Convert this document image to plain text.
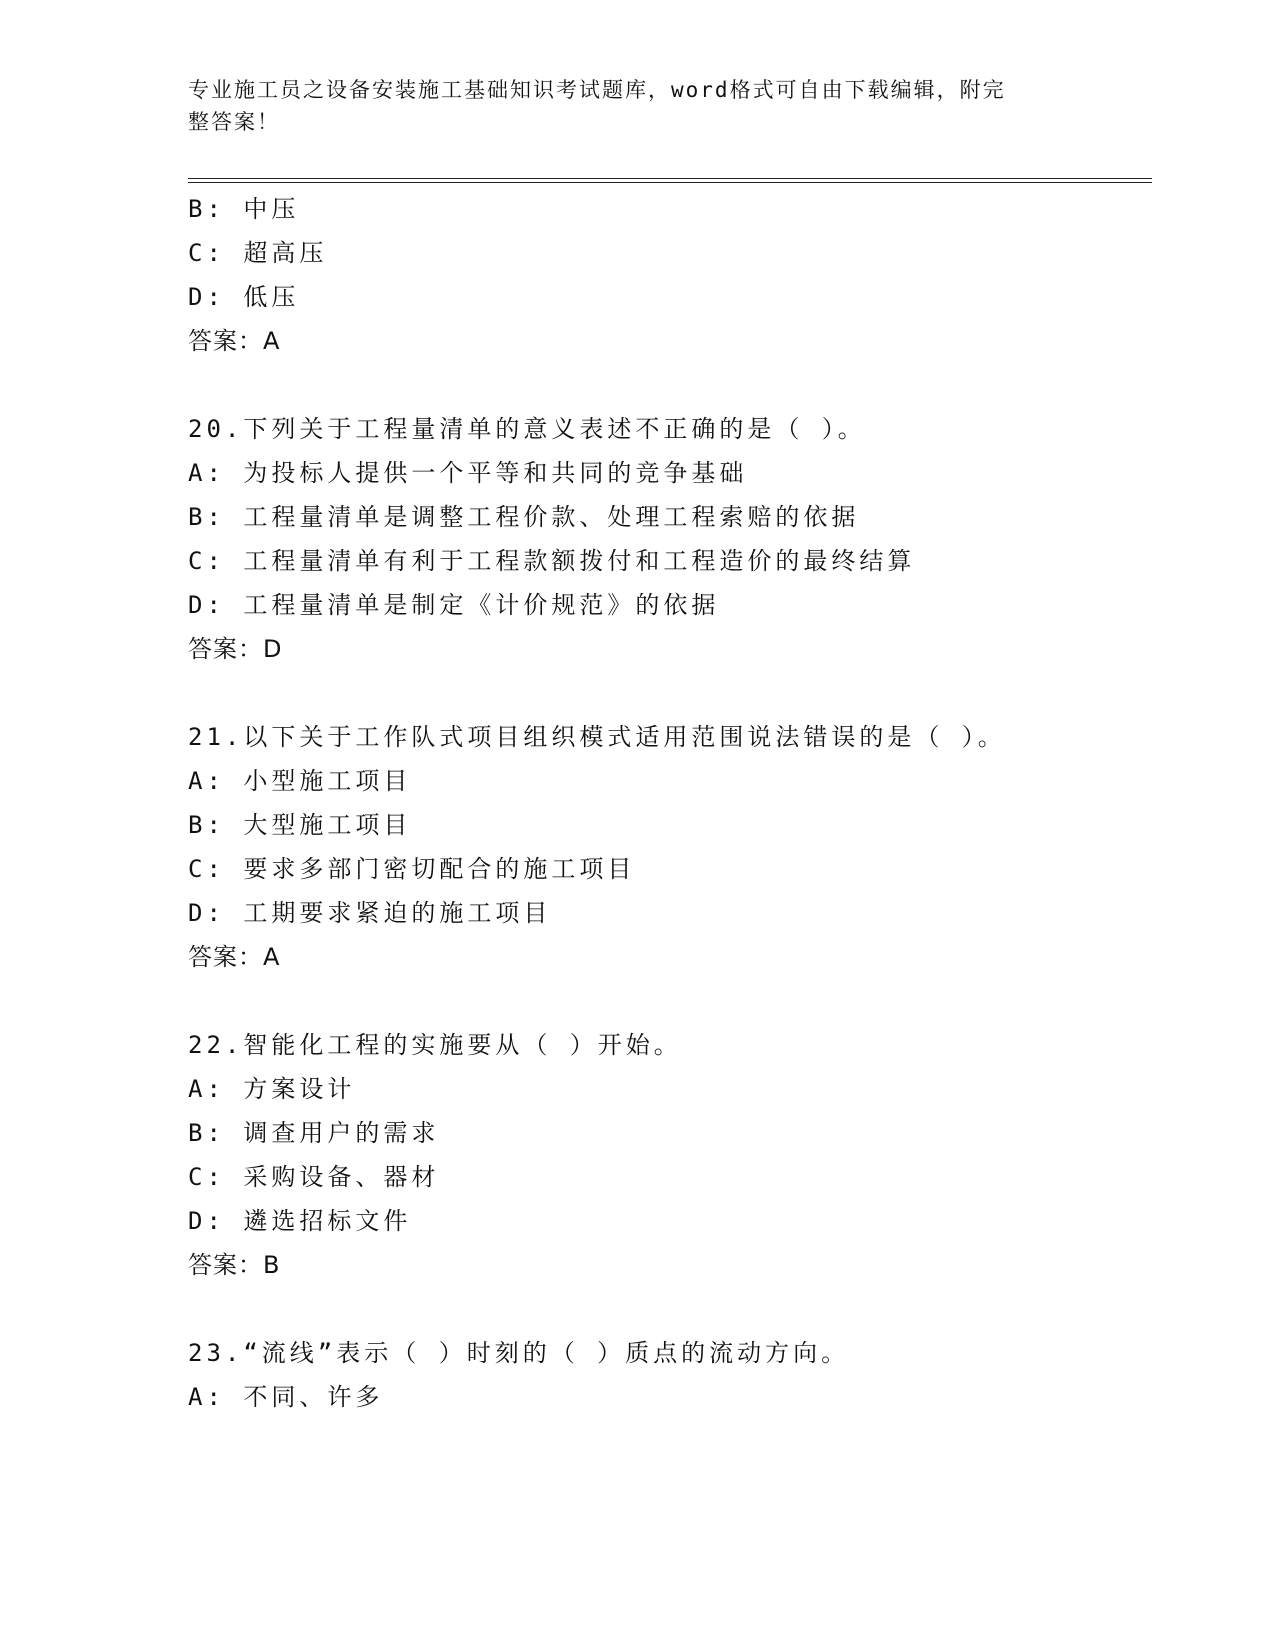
专业施工员之设备安装施工基础知识考试题库，word格式可自由下载编辑，附完
整答案！
B: 中压
C: 超高压
D: 低压
答案：A
20.下列关于工程量清单的意义表述不正确的是（ ）。
A: 为投标人提供一个平等和共同的竞争基础
B: 工程量清单是调整工程价款、处理工程索赔的依据
C: 工程量清单有利于工程款额拨付和工程造价的最终结算
D: 工程量清单是制定《计价规范》的依据
答案：D
21.以下关于工作队式项目组织模式适用范围说法错误的是（ ）。
A: 小型施工项目
B: 大型施工项目
C: 要求多部门密切配合的施工项目
D: 工期要求紧迫的施工项目
答案：A
22.智能化工程的实施要从（ ）开始。
A: 方案设计
B: 调查用户的需求
C: 采购设备、器材
D: 遴选招标文件
答案：B
23.“流线”表示（ ）时刻的（ ）质点的流动方向。
A: 不同、许多
